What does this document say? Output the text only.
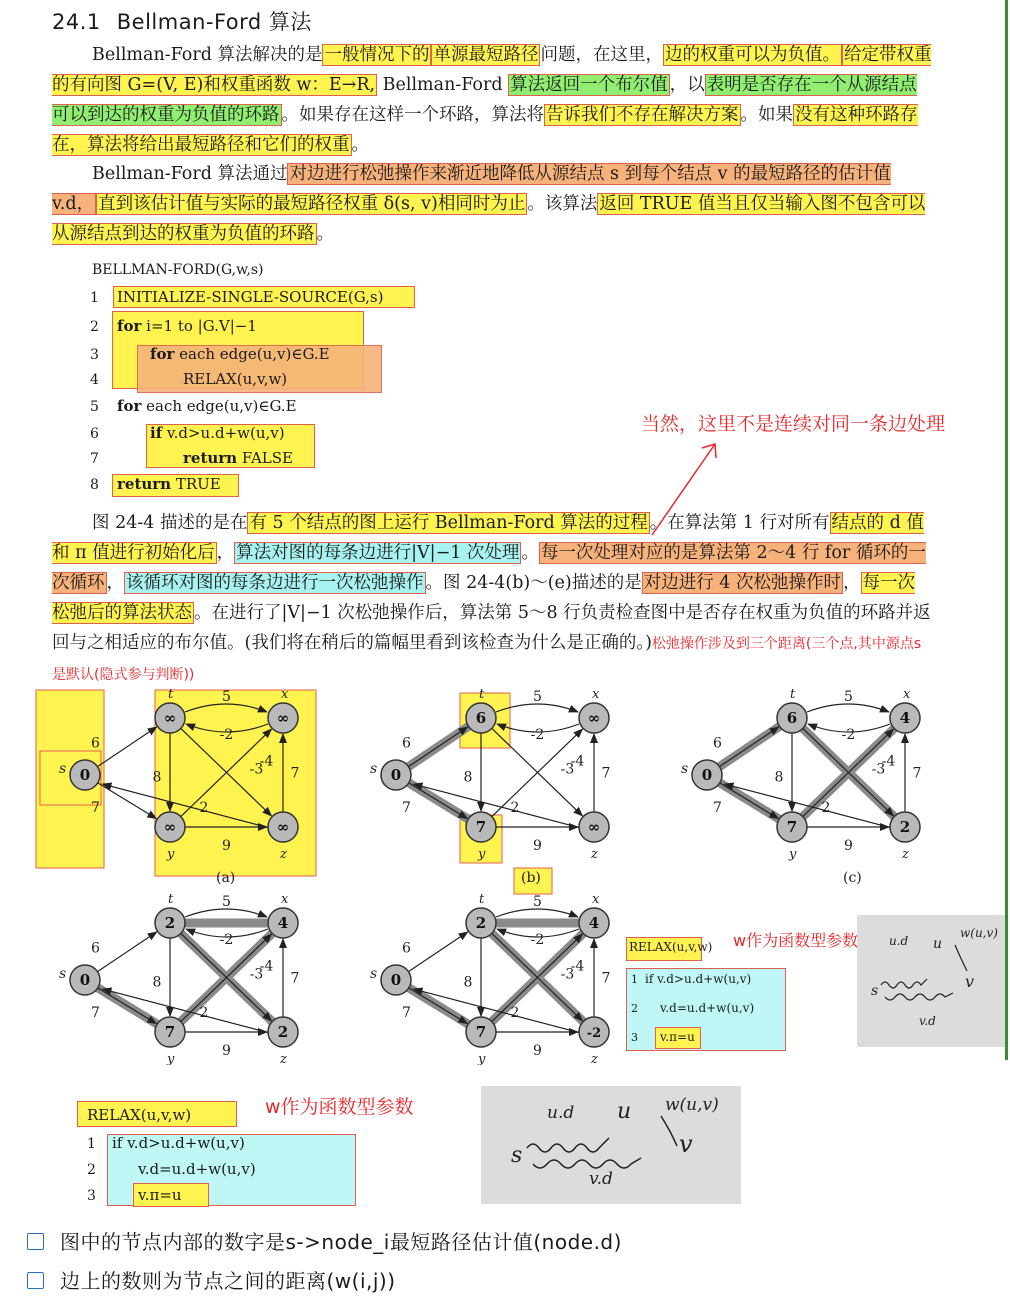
24.1 Bellman-Ford 算法
Bellman-Ford 算法解决的是 一般情况下的 单源最短路径 问题，在这里， 边的权重可以为负值。 给定带权重的有向图 G=(V, E)和权重函数 w：E→R, Bellman-Ford 算法返回一个布尔值 ，以 表明是否存在一个从源结点可以到达的权重为负值的环路 。如果存在这样一个环路，算法将 告诉我们不存在解决方案 。如果 没有这种环路存在，算法将给出最短路径和它们的权重 。
Bellman-Ford 算法通过 对边进行松弛操作来渐近地降低从源结点 s 到每个结点 v 的最短路径的估计值 v.d， 直到该估计值与实际的最短路径权重 δ(s, v)相同时为止 。该算法 返回 TRUE 值当且仅当输入图不包含可以从源结点到达的权重为负值的环路 。
BELLMAN-FORD(G,w,s)
1	INITIALIZE-SINGLE-SOURCE(G,s)
2	for i=1 to |G.V|−1
3	for each edge(u,v)∈G.E
4	RELAX(u,v,w)
5	for each edge(u,v)∈G.E
6	if v.d>u.d+w(u,v)
7	return FALSE
8	return TRUE
当然，这里不是连续对同一条边处理
图 24-4 描述的是在 有 5 个结点的图上运行 Bellman-Ford 算法的过程 。在算法第 1 行对所有 结点的 d 值和 π 值进行初始化后 ， 算法对图的每条边进行|V|−1 次处理 。 每一次处理对应的是算法第 2～4 行 for 循环的一次循环 ， 该循环对图的每条边进行一次松弛操作 。图 24-4(b)～(e)描述的是 对边进行 4 次松弛操作时 ， 每一次松弛后的算法状态 。在进行了|V|−1 次松弛操作后，算法第 5～8 行负责检查图中是否存在权重为负值的环路并返回与之相适应的布尔值。(我们将在稍后的篇幅里看到该检查为什么是正确的。)松弛操作涉及到三个距离(三个点,其中源点s是默认(隐式参与判断))
6
7
5
-2
8
-4
-3
9
7
2
0
∞	∞
∞	∞
s
t	x
y	z
6
7
5
-2
8
-4
-3
9
7
2
0
6	∞
7	∞
s
t	x
y	z
6
7
5
-2
8
-4
-3
9
7
2
0
6	4
7	2
s
t	x
y	z
6
7
5
-2
8
-4
-3
9
7
2
0
2	4
7	2
s
t	x
y	z
6
7
5
-2
8
-4
-3
9
7
2
0
2	4
7	-2
s
t	x
y	z
(a)	(b)	(c)
(d)	(e)
RELAX(u,v,w)
1 if v.d>u.d+w(u,v)
2 v.d=u.d+w(u,v)
3 v.π=u
w作为函数型参数
RELAX(u,v,w)
1 if v.d>u.d+w(u,v)
2	v.d=u.d+w(u,v)
3	v.π=u
w作为函数型参数
u.d u
w(u,v)
s	v
v.d
u.d u w(u,v)
s	v
v.d
图中的节点内部的数字是s->node_i最短路径估计值(node.d)
边上的数则为节点之间的距离(w(i,j))
